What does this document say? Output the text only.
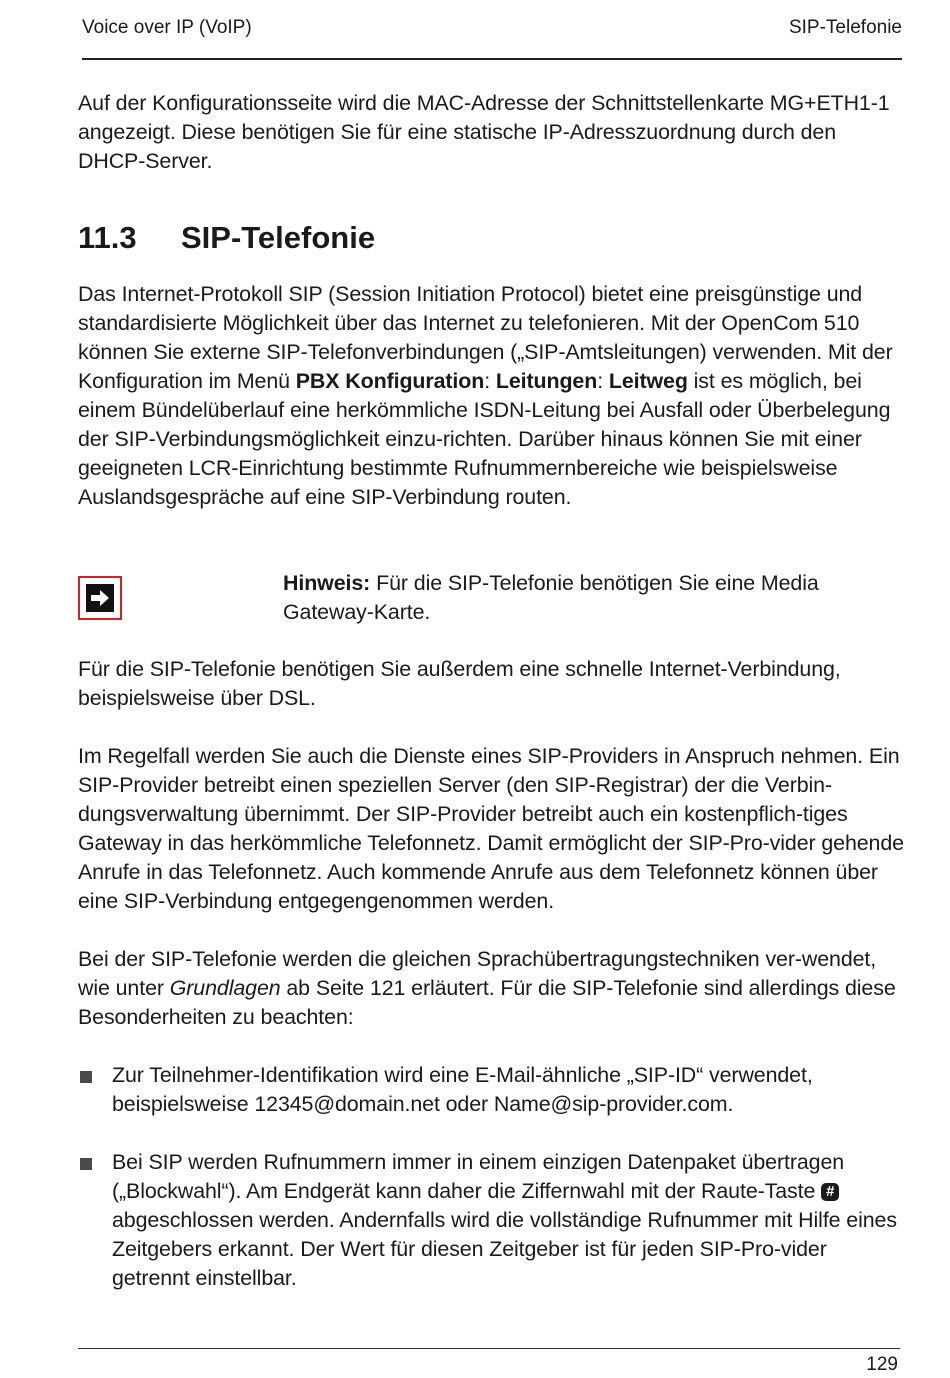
Voice over IP (VoIP)	SIP-Telefonie

Auf der Konfigurationsseite wird die MAC-Adresse der Schnittstellenkarte MG+ETH1-1 angezeigt. Diese benötigen Sie für eine statische IP-Adresszuordnung durch den DHCP-Server.

11.3 SIP-Telefonie

Das Internet-Protokoll SIP (Session Initiation Protocol) bietet eine preisgünstige und standardisierte Möglichkeit über das Internet zu telefonieren. Mit der OpenCom 510 können Sie externe SIP-Telefonverbindungen („SIP-Amtsleitungen) verwenden. Mit der Konfiguration im Menü PBX Konfiguration: Leitungen: Leitweg ist es möglich, bei einem Bündelüberlauf eine herkömmliche ISDN-Leitung bei Ausfall oder Überbelegung der SIP-Verbindungsmöglichkeit einzu-richten. Darüber hinaus können Sie mit einer geeigneten LCR-Einrichtung bestimmte Rufnummernbereiche wie beispielsweise Auslandsgespräche auf eine SIP-Verbindung routen.

Hinweis: Für die SIP-Telefonie benötigen Sie eine Media Gateway-Karte.

Für die SIP-Telefonie benötigen Sie außerdem eine schnelle Internet-Verbindung, beispielsweise über DSL.

Im Regelfall werden Sie auch die Dienste eines SIP-Providers in Anspruch nehmen. Ein SIP-Provider betreibt einen speziellen Server (den SIP-Registrar) der die Verbin-dungsverwaltung übernimmt. Der SIP-Provider betreibt auch ein kostenpflich-tiges Gateway in das herkömmliche Telefonnetz. Damit ermöglicht der SIP-Pro-vider gehende Anrufe in das Telefonnetz. Auch kommende Anrufe aus dem Telefonnetz können über eine SIP-Verbindung entgegengenommen werden.

Bei der SIP-Telefonie werden die gleichen Sprachübertragungstechniken ver-wendet, wie unter Grundlagen ab Seite 121 erläutert. Für die SIP-Telefonie sind allerdings diese Besonderheiten zu beachten:

Zur Teilnehmer-Identifikation wird eine E-Mail-ähnliche „SIP-ID“ verwendet, beispielsweise 12345@domain.net oder Name@sip-provider.com.

Bei SIP werden Rufnummern immer in einem einzigen Datenpaket übertragen („Blockwahl“). Am Endgerät kann daher die Ziffernwahl mit der Raute-Taste # abgeschlossen werden. Andernfalls wird die vollständige Rufnummer mit Hilfe eines Zeitgebers erkannt. Der Wert für diesen Zeitgeber ist für jeden SIP-Pro-vider getrennt einstellbar.

129
